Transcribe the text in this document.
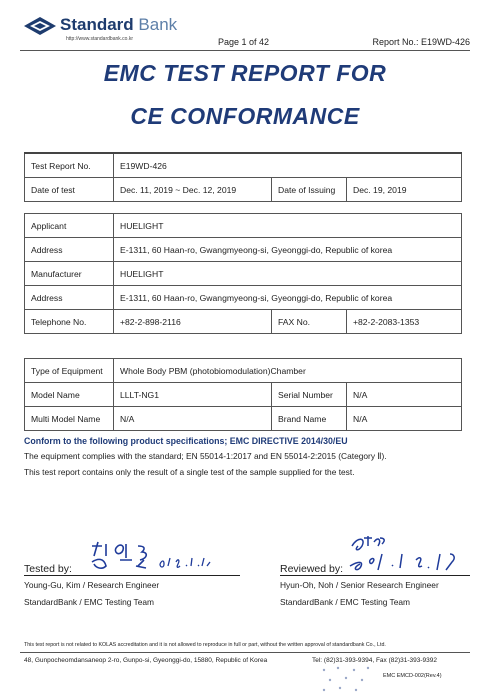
Standard Bank
http://www.standardbank.co.kr	Page 1 of 42	Report No.: E19WD-426
EMC TEST REPORT FOR
CE CONFORMANCE
Test Report No.	E19WD-426		
Date of test	Dec. 11, 2019 ~ Dec. 12, 2019	Date of Issuing	Dec. 19, 2019
Applicant	HUELIGHT		
Address	E-1311, 60 Haan-ro, Gwangmyeong-si, Gyeonggi-do, Republic of korea		
Manufacturer	HUELIGHT		
Address	E-1311, 60 Haan-ro, Gwangmyeong-si, Gyeonggi-do, Republic of korea		
Telephone No.	+82-2-898-2116	FAX No.	+82-2-2083-1353
Type of Equipment	Whole Body PBM (photobiomodulation)Chamber		
Model Name	LLLT-NG1	Serial Number	N/A
Multi Model Name	N/A	Brand Name	N/A
Conform to the following product specifications; EMC DIRECTIVE 2014/30/EU
The equipment complies with the standard; EN 55014-1:2017 and EN 55014-2:2015 (Category Ⅱ).
This test report contains only the result of a single test of the sample supplied for the test.
Tested by:
Young-Gu, Kim / Research Engineer
StandardBank / EMC Testing Team
Reviewed by:
Hyun-Oh, Noh / Senior Research Engineer
StandardBank / EMC Testing Team
This test report is not related to KOLAS accreditation and it is not allowed to reproduce in full or part, without the written approval of standardbank Co., Ltd.
48, Gunpocheomdansaneop 2-ro, Gunpo-si, Gyeonggi-do, 15880, Republic of Korea	Tel: (82)31-393-9394, Fax (82)31-393-9392
EMC EMCD-002(Rev.4)
